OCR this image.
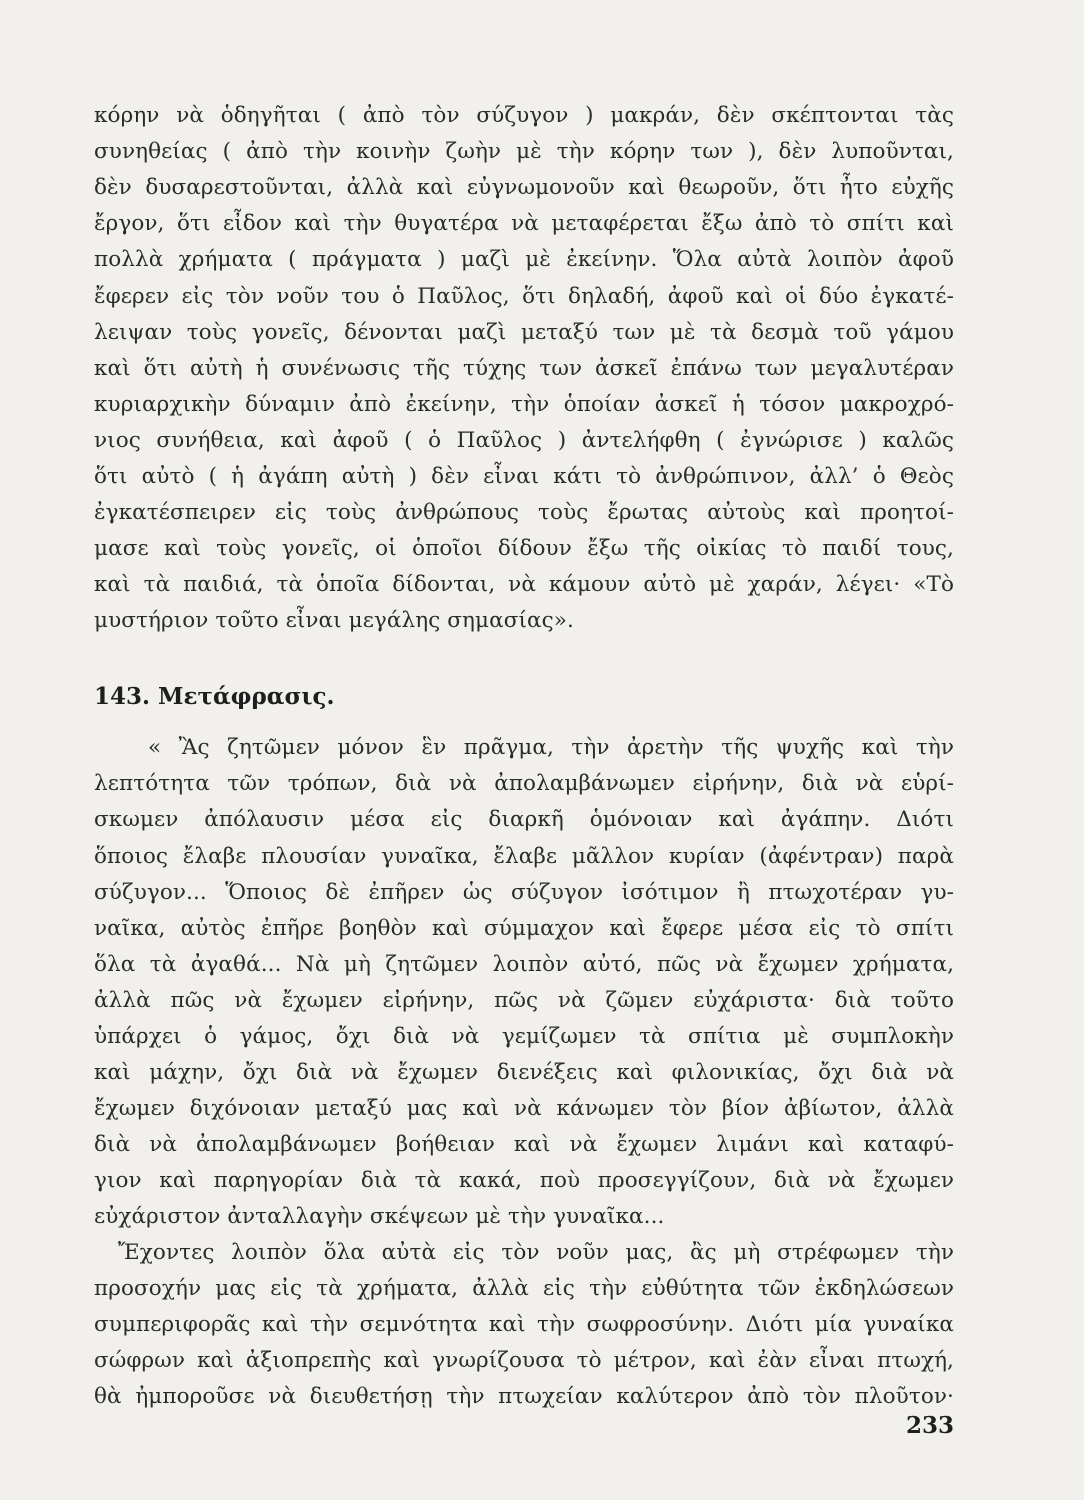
κόρην νὰ ὁδηγῆται ( ἀπὸ τὸν σύζυγον ) μακράν, δὲν σκέπτονται τὰς
συνηθείας ( ἀπὸ τὴν κοινὴν ζωὴν μὲ τὴν κόρην των ), δὲν λυποῦνται,
δὲν δυσαρεστοῦνται, ἀλλὰ καὶ εὐγνωμονοῦν καὶ θεωροῦν, ὅτι ἦτο εὐχῆς
ἔργον, ὅτι εἶδον καὶ τὴν θυγατέρα νὰ μεταφέρεται ἔξω ἀπὸ τὸ σπίτι καὶ
πολλὰ χρήματα ( πράγματα ) μαζὶ μὲ ἐκείνην. Ὅλα αὐτὰ λοιπὸν ἀφοῦ
ἔφερεν εἰς τὸν νοῦν του ὁ Παῦλος, ὅτι δηλαδή, ἀφοῦ καὶ οἱ δύο ἐγκατέ-
λειψαν τοὺς γονεῖς, δένονται μαζὶ μεταξύ των μὲ τὰ δεσμὰ τοῦ γάμου
καὶ ὅτι αὐτὴ ἡ συνένωσις τῆς τύχης των ἀσκεῖ ἐπάνω των μεγαλυτέραν
κυριαρχικὴν δύναμιν ἀπὸ ἐκείνην, τὴν ὁποίαν ἀσκεῖ ἡ τόσον μακροχρό-
νιος συνήθεια, καὶ ἀφοῦ ( ὁ Παῦλος ) ἀντελήφθη ( ἐγνώρισε ) καλῶς
ὅτι αὐτὸ ( ἡ ἀγάπη αὐτὴ ) δὲν εἶναι κάτι τὸ ἀνθρώπινον, ἀλλ’ ὁ Θεὸς
ἐγκατέσπειρεν εἰς τοὺς ἀνθρώπους τοὺς ἔρωτας αὐτοὺς καὶ προητοί-
μασε καὶ τοὺς γονεῖς, οἱ ὁποῖοι δίδουν ἔξω τῆς οἰκίας τὸ παιδί τους,
καὶ τὰ παιδιά, τὰ ὁποῖα δίδονται, νὰ κάμουν αὐτὸ μὲ χαράν, λέγει· «Τὸ
μυστήριον τοῦτο εἶναι μεγάλης σημασίας».
143. Μετάφρασις.
« Ἂς ζητῶμεν μόνον ἓν πρᾶγμα, τὴν ἀρετὴν τῆς ψυχῆς καὶ τὴν
λεπτότητα τῶν τρόπων, διὰ νὰ ἀπολαμβάνωμεν εἰρήνην, διὰ νὰ εὑρί-
σκωμεν ἀπόλαυσιν μέσα εἰς διαρκῆ ὁμόνοιαν καὶ ἀγάπην. Διότι
ὅποιος ἔλαβε πλουσίαν γυναῖκα, ἔλαβε μᾶλλον κυρίαν (ἀφέντραν) παρὰ
σύζυγον... Ὅποιος δὲ ἐπῆρεν ὡς σύζυγον ἰσότιμον ἢ πτωχοτέραν γυ-
ναῖκα, αὐτὸς ἐπῆρε βοηθὸν καὶ σύμμαχον καὶ ἔφερε μέσα εἰς τὸ σπίτι
ὅλα τὰ ἀγαθά... Νὰ μὴ ζητῶμεν λοιπὸν αὐτό, πῶς νὰ ἔχωμεν χρήματα,
ἀλλὰ πῶς νὰ ἔχωμεν εἰρήνην, πῶς νὰ ζῶμεν εὐχάριστα· διὰ τοῦτο
ὑπάρχει ὁ γάμος, ὄχι διὰ νὰ γεμίζωμεν τὰ σπίτια μὲ συμπλοκὴν
καὶ μάχην, ὄχι διὰ νὰ ἔχωμεν διενέξεις καὶ φιλονικίας, ὄχι διὰ νὰ
ἔχωμεν διχόνοιαν μεταξύ μας καὶ νὰ κάνωμεν τὸν βίον ἀβίωτον, ἀλλὰ
διὰ νὰ ἀπολαμβάνωμεν βοήθειαν καὶ νὰ ἔχωμεν λιμάνι καὶ καταφύ-
γιον καὶ παρηγορίαν διὰ τὰ κακά, ποὺ προσεγγίζουν, διὰ νὰ ἔχωμεν
εὐχάριστον ἀνταλλαγὴν σκέψεων μὲ τὴν γυναῖκα...
Ἔχοντες λοιπὸν ὅλα αὐτὰ εἰς τὸν νοῦν μας, ἂς μὴ στρέφωμεν τὴν
προσοχήν μας εἰς τὰ χρήματα, ἀλλὰ εἰς τὴν εὐθύτητα τῶν ἐκδηλώσεων
συμπεριφορᾶς καὶ τὴν σεμνότητα καὶ τὴν σωφροσύνην. Διότι μία γυναίκα
σώφρων καὶ ἀξιοπρεπὴς καὶ γνωρίζουσα τὸ μέτρον, καὶ ἐὰν εἶναι πτωχή,
θὰ ἠμποροῦσε νὰ διευθετήσῃ τὴν πτωχείαν καλύτερον ἀπὸ τὸν πλοῦτον·
233
